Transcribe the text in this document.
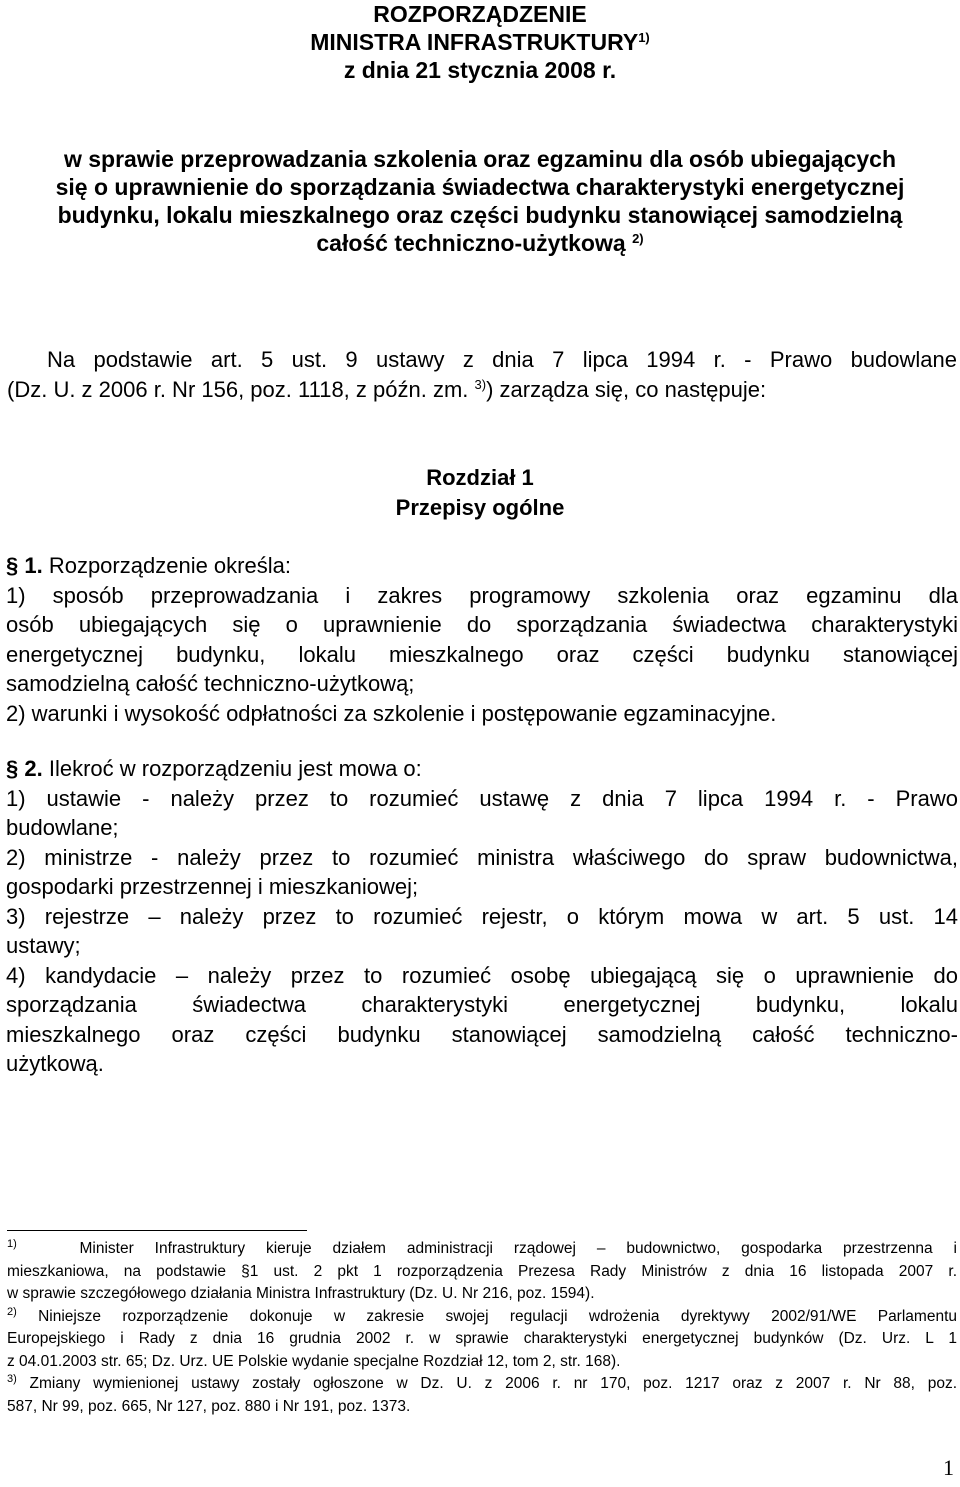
ROZPORZĄDZENIE
MINISTRA INFRASTRUKTURY$^{1)}$
z dnia 21 stycznia 2008 r.
w sprawie przeprowadzania szkolenia oraz egzaminu dla osób ubiegających
się o uprawnienie do sporządzania świadectwa charakterystyki energetycznej
budynku, lokalu mieszkalnego oraz części budynku stanowiącej samodzielną
całość techniczno-użytkową $^{2)}$
Na podstawie art. 5 ust. 9 ustawy z dnia 7 lipca 1994 r. - Prawo budowlane
(Dz. U. z 2006 r. Nr 156, poz. 1118, z późn. zm. $^{3)}$) zarządza się, co następuje:
Rozdział 1
Przepisy ogólne
§ 1. Rozporządzenie określa:
1) sposób przeprowadzania i zakres programowy szkolenia oraz egzaminu dla
osób ubiegających się o uprawnienie do sporządzania świadectwa charakterystyki
energetycznej budynku, lokalu mieszkalnego oraz części budynku stanowiącej
samodzielną całość techniczno-użytkową;
2) warunki i wysokość odpłatności za szkolenie i postępowanie egzaminacyjne.
§ 2. Ilekroć w rozporządzeniu jest mowa o:
1) ustawie - należy przez to rozumieć ustawę z dnia 7 lipca 1994 r. - Prawo
budowlane;
2) ministrze - należy przez to rozumieć ministra właściwego do spraw budownictwa,
gospodarki przestrzennej i mieszkaniowej;
3) rejestrze – należy przez to rozumieć rejestr, o którym mowa w art. 5 ust. 14
ustawy;
4) kandydacie – należy przez to rozumieć osobę ubiegającą się o uprawnienie do
sporządzania świadectwa charakterystyki energetycznej budynku, lokalu
mieszkalnego oraz części budynku stanowiącej samodzielną całość techniczno-
użytkową.
$^{1)}$	Minister Infrastruktury kieruje działem administracji rządowej – budownictwo, gospodarka przestrzenna i
mieszkaniowa, na podstawie §1 ust. 2 pkt 1 rozporządzenia Prezesa Rady Ministrów z dnia 16 listopada 2007 r.
w sprawie szczegółowego działania Ministra Infrastruktury (Dz. U. Nr 216, poz. 1594).
$^{2)}$ Niniejsze rozporządzenie dokonuje w zakresie swojej regulacji wdrożenia dyrektywy 2002/91/WE Parlamentu
Europejskiego i Rady z dnia 16 grudnia 2002 r. w sprawie charakterystyki energetycznej budynków (Dz. Urz. L 1
z 04.01.2003 str. 65; Dz. Urz. UE Polskie wydanie specjalne Rozdział 12, tom 2, str. 168).
$^{3)}$ Zmiany wymienionej ustawy zostały ogłoszone w Dz. U. z 2006 r. nr 170, poz. 1217 oraz z 2007 r. Nr 88, poz.
587, Nr 99, poz. 665, Nr 127, poz. 880 i Nr 191, poz. 1373.
1
